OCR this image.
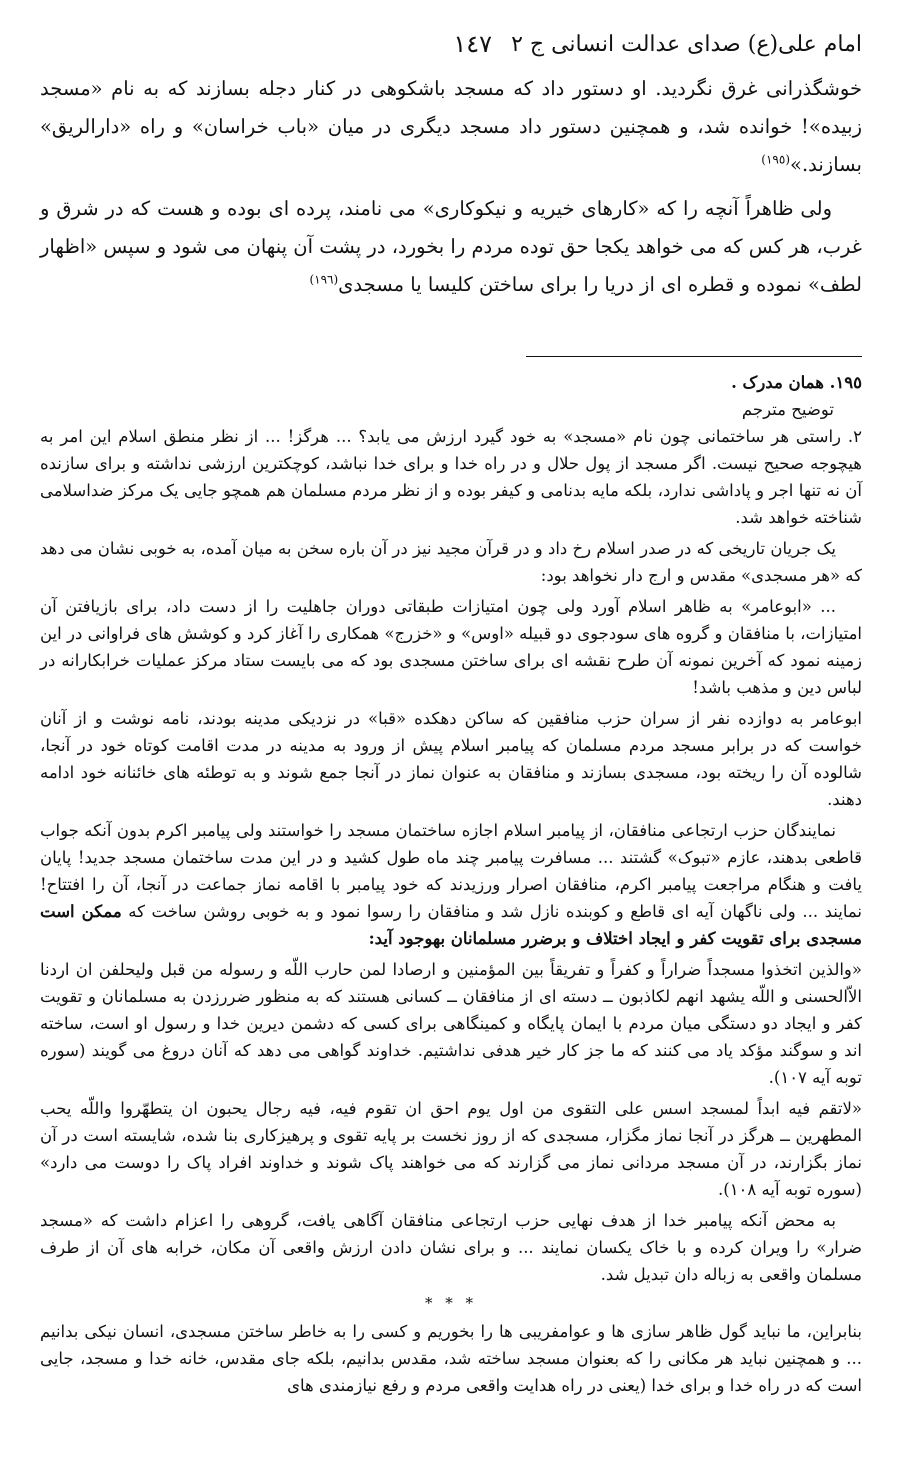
امام علی(ع) صدای عدالت انسانی ج ۲
١٤٧

خوشگذرانی غرق نگردید. او دستور داد که مسجد باشکوهی در کنار دجله بسازند که به نام «مسجد زبیده»! خوانده شد، و همچنین دستور داد مسجد دیگری در میان «باب خراسان» و راه «دارالریق» بسازند.»$^{(١٩٥)}$

ولی ظاهراً آنچه را که «کارهای خیریه و نیکوکاری» می نامند، پرده ای بوده و هست که در شرق و غرب، هر کس که می خواهد یکجا حق توده مردم را بخورد، در پشت آن پنهان می شود و سپس «اظهار لطف» نموده و قطره ای از دریا را برای ساختن کلیسا یا مسجدی$^{(١٩٦)}$

١٩٥. همان مدرک .
توضیح مترجم

٢. راستی هر ساختمانی چون نام «مسجد» به خود گیرد ارزش می یابد؟ ... هرگز! ... از نظر منطق اسلام این امر به هیچوجه صحیح نیست. اگر مسجد از پول حلال و در راه خدا و برای خدا نباشد، کوچکترین ارزشی نداشته و برای سازنده آن نه تنها اجر و پاداشی ندارد، بلکه مایه بدنامی و کیفر بوده و از نظر مردم مسلمان هم همچو جایی یک مرکز ضداسلامی شناخته خواهد شد.

یک جریان تاریخی که در صدر اسلام رخ داد و در قرآن مجید نیز در آن باره سخن به میان آمده، به خوبی نشان می دهد که «هر مسجدی» مقدس و ارج دار نخواهد بود:

... «ابوعامر» به ظاهر اسلام آورد ولی چون امتیازات طبقاتی دوران جاهلیت را از دست داد، برای بازیافتن آن امتیازات، با منافقان و گروه های سودجوی دو قبیله «اوس» و «خزرج» همکاری را آغاز کرد و کوشش های فراوانی در این زمینه نمود که آخرین نمونه آن طرح نقشه ای برای ساختن مسجدی بود که می بایست ستاد مرکز عملیات خرابکارانه در لباس دین و مذهب باشد!

ابوعامر به دوازده نفر از سران حزب منافقین که ساکن دهکده «قبا» در نزدیکی مدینه بودند، نامه نوشت و از آنان خواست که در برابر مسجد مردم مسلمان که پیامبر اسلام پیش از ورود به مدینه در مدت اقامت کوتاه خود در آنجا، شالوده آن را ریخته بود، مسجدی بسازند و منافقان به عنوان نماز در آنجا جمع شوند و به توطئه های خائنانه خود ادامه دهند.

نمایندگان حزب ارتجاعی منافقان، از پیامبر اسلام اجازه ساختمان مسجد را خواستند ولی پیامبر اکرم بدون آنکه جواب قاطعی بدهند، عازم «تبوک» گشتند ... مسافرت پیامبر چند ماه طول کشید و در این مدت ساختمان مسجد جدید! پایان یافت و هنگام مراجعت پیامبر اکرم، منافقان اصرار ورزیدند که خود پیامبر با اقامه نماز جماعت در آنجا، آن را افتتاح! نمایند ... ولی ناگهان آیه ای قاطع و کوبنده نازل شد و منافقان را رسوا نمود و به خوبی روشن ساخت که ممکن است مسجدی برای تقویت کفر و ایجاد اختلاف و برضرر مسلمانان بهوجود آید:

«والذین اتخذوا مسجداً ضراراً و کفراً و تفریقاً بین المؤمنین و ارصادا لمن حارب اللّه و رسوله من قبل ولیحلفن ان اردنا الاّالحسنی و اللّه یشهد انهم لکاذبون ــ دسته ای از منافقان ــ کسانی هستند که به منظور ضررزدن به مسلمانان و تقویت کفر و ایجاد دو دستگی میان مردم با ایمان پایگاه و کمینگاهی برای کسی که دشمن دیرین خدا و رسول او است، ساخته اند و سوگند مؤکد یاد می کنند که ما جز کار خیر هدفی نداشتیم. خداوند گواهی می دهد که آنان دروغ می گویند (سوره توبه آیه ١٠٧).

«لاتقم فیه ابداً لمسجد اسس علی التقوی من اول یوم احق ان تقوم فیه، فیه رجال یحبون ان یتطهّروا واللّه یحب المطهرین ــ هرگز در آنجا نماز مگزار، مسجدی که از روز نخست بر پایه تقوی و پرهیزکاری بنا شده، شایسته است در آن نماز بگزارند، در آن مسجد مردانی نماز می گزارند که می خواهند پاک شوند و خداوند افراد پاک را دوست می دارد» (سوره توبه آیه ١٠٨).

به محض آنکه پیامبر خدا از هدف نهایی حزب ارتجاعی منافقان آگاهی یافت، گروهی را اعزام داشت که «مسجد ضرار» را ویران کرده و با خاک یکسان نمایند ... و برای نشان دادن ارزش واقعی آن مکان، خرابه های آن از طرف مسلمان واقعی به زباله دان تبدیل شد.

* * *

بنابراین، ما نباید گول ظاهر سازی ها و عوامفریبی ها را بخوریم و کسی را به خاطر ساختن مسجدی، انسان نیکی بدانیم ... و همچنین نباید هر مکانی را که بعنوان مسجد ساخته شد، مقدس بدانیم، بلکه جای مقدس، خانه خدا و مسجد، جایی است که در راه خدا و برای خدا (یعنی در راه هدایت واقعی مردم و رفع نیازمندی های
